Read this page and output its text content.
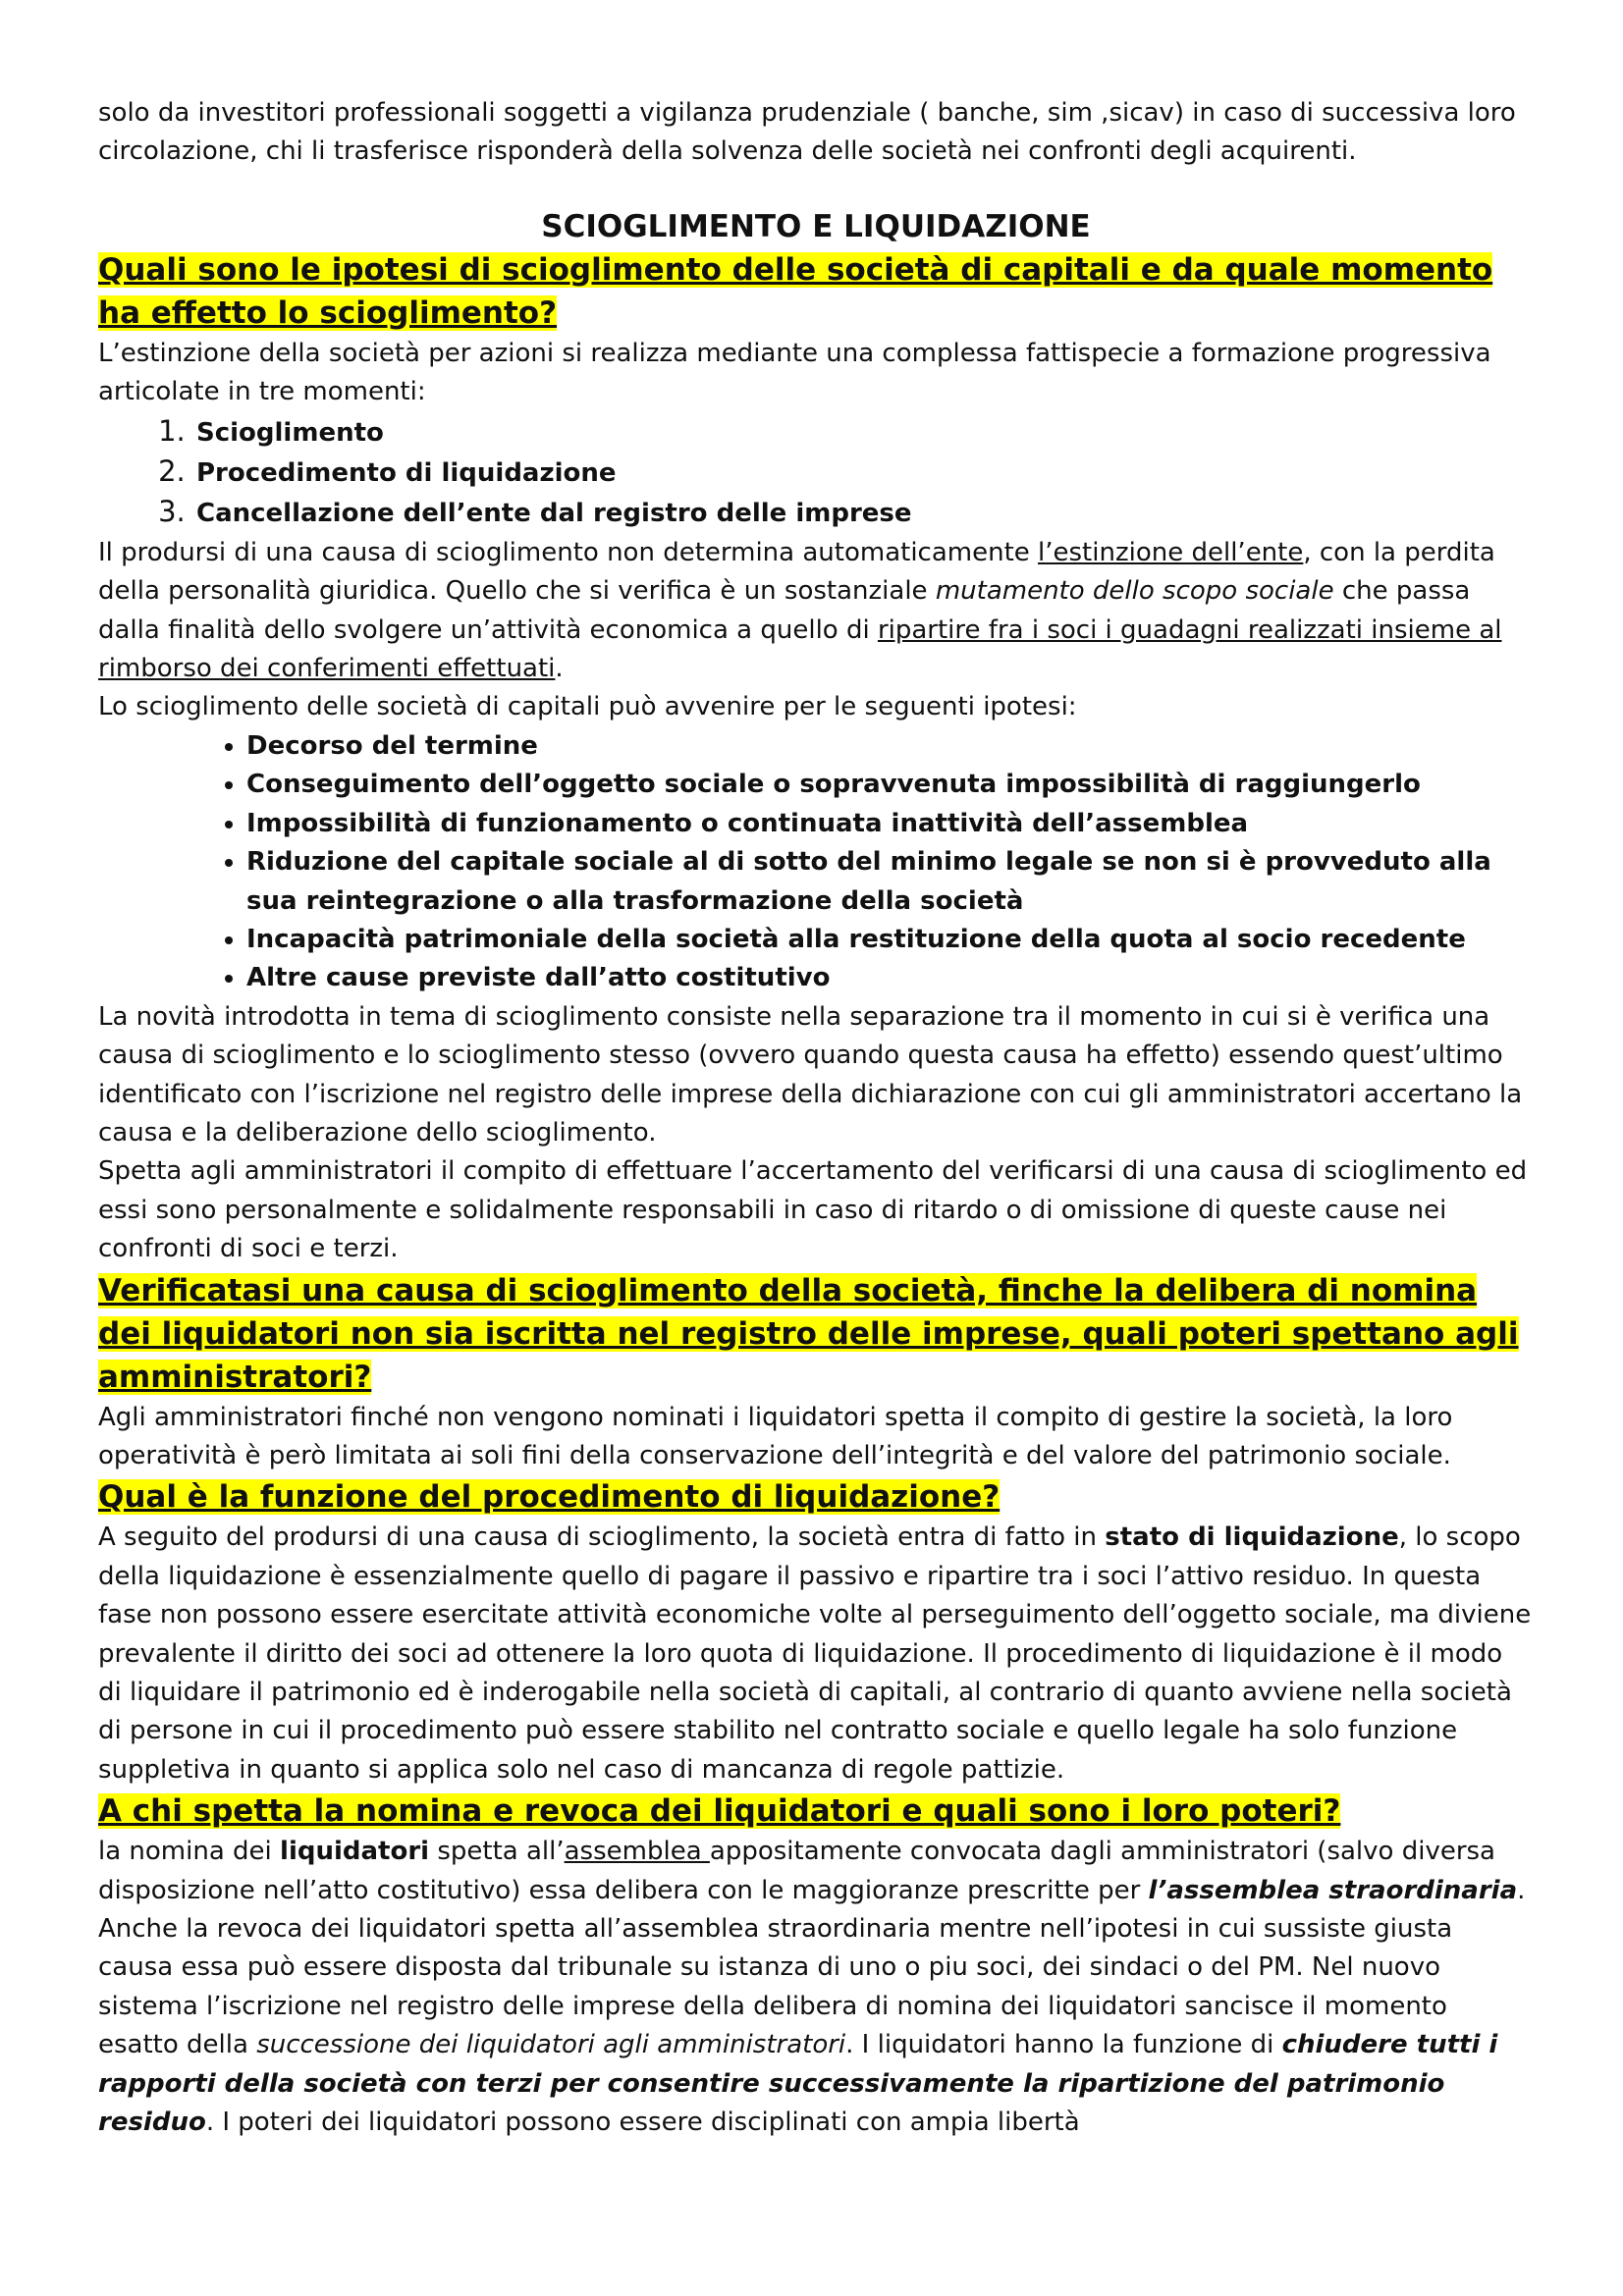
solo da investitori professionali soggetti a vigilanza prudenziale ( banche, sim ,sicav) in caso di successiva loro circolazione, chi li trasferisce risponderà della solvenza delle società nei confronti degli acquirenti.

SCIOGLIMENTO E LIQUIDAZIONE

Quali sono le ipotesi di scioglimento delle società di capitali e da quale momento ha effetto lo scioglimento?

L’estinzione della società per azioni si realizza mediante una complessa fattispecie a formazione progressiva articolate in tre momenti:

1. Scioglimento
2. Procedimento di liquidazione
3. Cancellazione dell’ente dal registro delle imprese

Il prodursi di una causa di scioglimento non determina automaticamente l’estinzione dell’ente, con la perdita della personalità giuridica. Quello che si verifica è un sostanziale mutamento dello scopo sociale che passa dalla finalità dello svolgere un’attività economica a quello di ripartire fra i soci i guadagni realizzati insieme al rimborso dei conferimenti effettuati.

Lo scioglimento delle società di capitali può avvenire per le seguenti ipotesi:

• Decorso del termine
• Conseguimento dell’oggetto sociale o sopravvenuta impossibilità di raggiungerlo
• Impossibilità di funzionamento o continuata inattività dell’assemblea
• Riduzione del capitale sociale al di sotto del minimo legale se non si è provveduto alla sua reintegrazione o alla trasformazione della società
• Incapacità patrimoniale della società alla restituzione della quota al socio recedente
• Altre cause previste dall’atto costitutivo

La novità introdotta in tema di scioglimento consiste nella separazione tra il momento in cui si è verifica una causa di scioglimento e lo scioglimento stesso (ovvero quando questa causa ha effetto) essendo quest’ultimo identificato con l’iscrizione nel registro delle imprese della dichiarazione con cui gli amministratori accertano la causa e la deliberazione dello scioglimento.

Spetta agli amministratori il compito di effettuare l’accertamento del verificarsi di una causa di scioglimento ed essi sono personalmente e solidalmente responsabili in caso di ritardo o di omissione di queste cause nei confronti di soci e terzi.

Verificatasi una causa di scioglimento della società, finche la delibera di nomina dei liquidatori non sia iscritta nel registro delle imprese, quali poteri spettano agli amministratori?

Agli amministratori finché non vengono nominati i liquidatori spetta il compito di gestire la società, la loro operatività è però limitata ai soli fini della conservazione dell’integrità e del valore del patrimonio sociale.

Qual è la funzione del procedimento di liquidazione?

A seguito del prodursi di una causa di scioglimento, la società entra di fatto in stato di liquidazione, lo scopo della liquidazione è essenzialmente quello di pagare il passivo e ripartire tra i soci l’attivo residuo. In questa fase non possono essere esercitate attività economiche volte al perseguimento dell’oggetto sociale, ma diviene prevalente il diritto dei soci ad ottenere la loro quota di liquidazione. Il procedimento di liquidazione è il modo di liquidare il patrimonio ed è inderogabile nella società di capitali, al contrario di quanto avviene nella società di persone in cui il procedimento può essere stabilito nel contratto sociale e quello legale ha solo funzione suppletiva in quanto si applica solo nel caso di mancanza di regole pattizie.

A chi spetta la nomina e revoca dei liquidatori e quali sono i loro poteri?

la nomina dei liquidatori spetta all’assemblea appositamente convocata dagli amministratori (salvo diversa disposizione nell’atto costitutivo) essa delibera con le maggioranze prescritte per l’assemblea straordinaria. Anche la revoca dei liquidatori spetta all’assemblea straordinaria mentre nell’ipotesi in cui sussiste giusta causa essa può essere disposta dal tribunale su istanza di uno o piu soci, dei sindaci o del PM. Nel nuovo sistema l’iscrizione nel registro delle imprese della delibera di nomina dei liquidatori sancisce il momento esatto della successione dei liquidatori agli amministratori. I liquidatori hanno la funzione di chiudere tutti i rapporti della società con terzi per consentire successivamente la ripartizione del patrimonio residuo. I poteri dei liquidatori possono essere disciplinati con ampia libertà
